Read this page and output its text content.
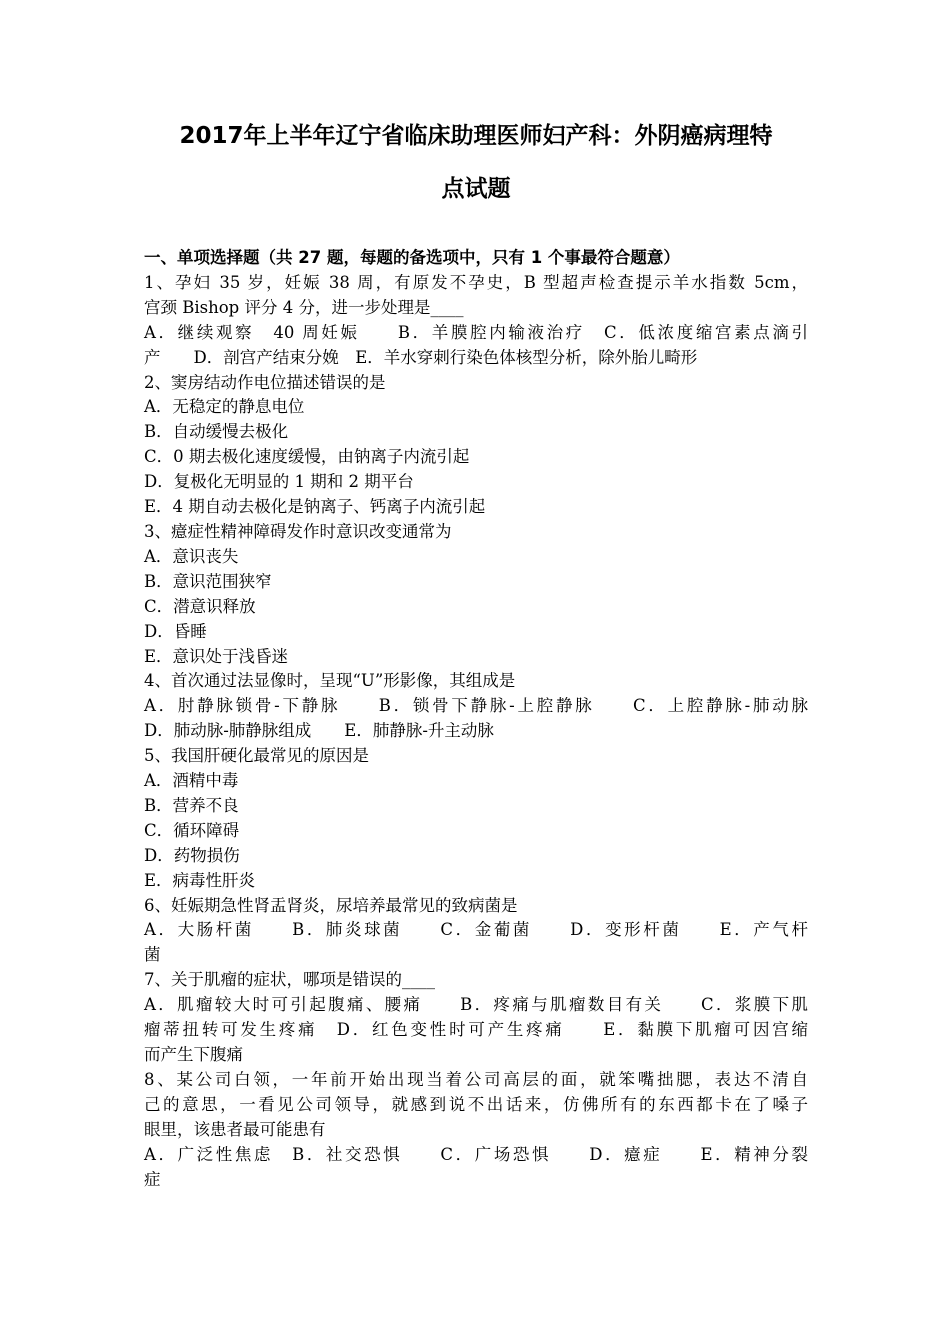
2017年上半年辽宁省临床助理医师妇产科：外阴癌病理特
点试题
一、单项选择题（共 27 题，每题的备选项中，只有 1 个事最符合题意）
1、孕妇 35 岁，妊娠 38 周，有原发不孕史，B 型超声检查提示羊水指数 5cm，
宫颈 Bishop 评分 4 分，进一步处理是____
A．继续观察　40 周妊娠　　B．羊膜腔内输液治疗　C．低浓度缩宫素点滴引
产　　D．剖宫产结束分娩　E．羊水穿刺行染色体核型分析，除外胎儿畸形
2、窦房结动作电位描述错误的是
A．无稳定的静息电位
B．自动缓慢去极化
C．0 期去极化速度缓慢，由钠离子内流引起
D．复极化无明显的 1 期和 2 期平台
E．4 期自动去极化是钠离子、钙离子内流引起
3、癔症性精神障碍发作时意识改变通常为
A．意识丧失
B．意识范围狭窄
C．潜意识释放
D．昏睡
E．意识处于浅昏迷
4、首次通过法显像时，呈现“U”形影像，其组成是
A．肘静脉锁骨-下静脉　　B．锁骨下静脉-上腔静脉　　C．上腔静脉-肺动脉
D．肺动脉-肺静脉组成　　E．肺静脉-升主动脉
5、我国肝硬化最常见的原因是
A．酒精中毒
B．营养不良
C．循环障碍
D．药物损伤
E．病毒性肝炎
6、妊娠期急性肾盂肾炎，尿培养最常见的致病菌是
A．大肠杆菌　　B．肺炎球菌　　C．金葡菌　　D．变形杆菌　　E．产气杆
菌
7、关于肌瘤的症状，哪项是错误的____
A．肌瘤较大时可引起腹痛、腰痛　　B．疼痛与肌瘤数目有关　　C．浆膜下肌
瘤蒂扭转可发生疼痛　D．红色变性时可产生疼痛　　E．黏膜下肌瘤可因宫缩
而产生下腹痛
8、某公司白领，一年前开始出现当着公司高层的面，就笨嘴拙腮，表达不清自
己的意思，一看见公司领导，就感到说不出话来，仿佛所有的东西都卡在了嗓子
眼里，该患者最可能患有
A．广泛性焦虑　B．社交恐惧　　C．广场恐惧　　D．癔症　　E．精神分裂
症
